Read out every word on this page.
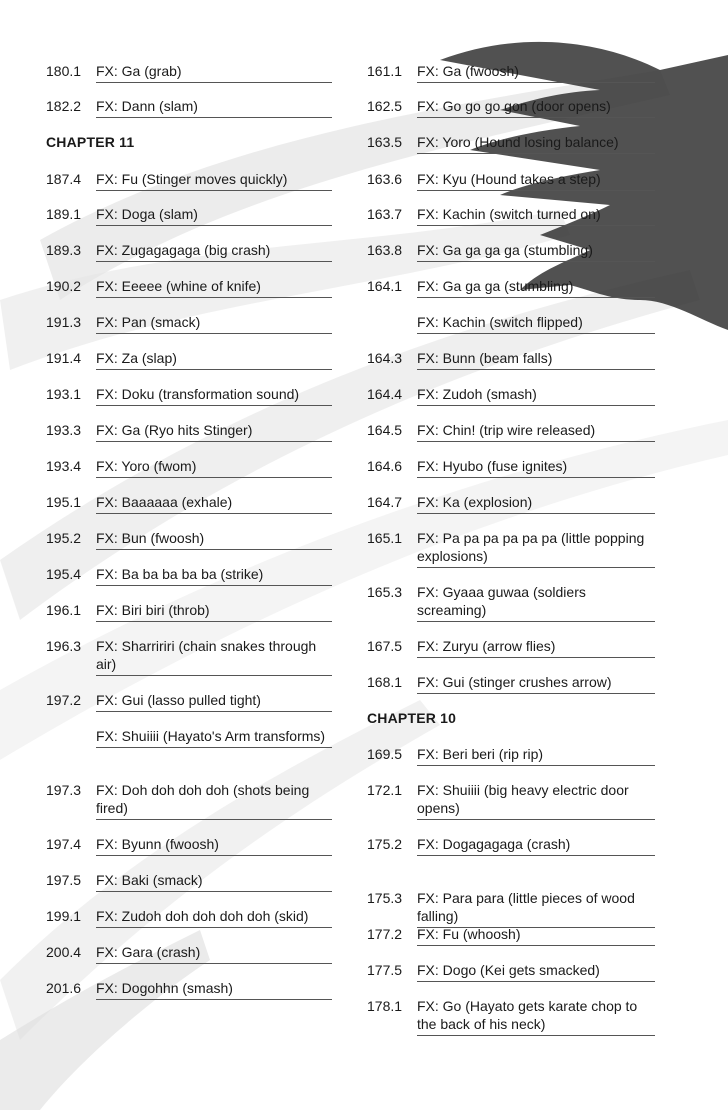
180.1	FX: Ga (grab)
182.2	FX: Dann (slam)
CHAPTER 11
187.4	FX: Fu (Stinger moves quickly)
189.1	FX: Doga (slam)
189.3	FX: Zugagagaga (big crash)
190.2	FX: Eeeee (whine of knife)
191.3	FX: Pan (smack)
191.4	FX: Za (slap)
193.1	FX: Doku (transformation sound)
193.3	FX: Ga (Ryo hits Stinger)
193.4	FX: Yoro (fwom)
195.1	FX: Baaaaaa (exhale)
195.2	FX: Bun (fwoosh)
195.4	FX: Ba ba ba ba ba (strike)
196.1	FX: Biri biri (throb)
196.3	FX: Sharririri (chain snakes through air)
197.2	FX: Gui (lasso pulled tight)
FX: Shuiiii (Hayato's Arm transforms)
197.3	FX: Doh doh doh doh (shots being fired)
197.4	FX: Byunn (fwoosh)
197.5	FX: Baki (smack)
199.1	FX: Zudoh doh doh doh doh (skid)
200.4	FX: Gara (crash)
201.6	FX: Dogohhn (smash)
161.1	FX: Ga (fwoosh)
162.5	FX: Go go go gon (door opens)
163.5	FX: Yoro (Hound losing balance)
163.6	FX: Kyu (Hound takes a step)
163.7	FX: Kachin (switch turned on)
163.8	FX: Ga ga ga ga (stumbling)
164.1	FX: Ga ga ga (stumbling)
FX: Kachin (switch flipped)
164.3	FX: Bunn (beam falls)
164.4	FX: Zudoh (smash)
164.5	FX: Chin! (trip wire released)
164.6	FX: Hyubo (fuse ignites)
164.7	FX: Ka (explosion)
165.1	FX: Pa pa pa pa pa pa (little popping explosions)
165.3	FX: Gyaaa guwaa (soldiers screaming)
167.5	FX: Zuryu (arrow flies)
168.1	FX: Gui (stinger crushes arrow)
CHAPTER 10
169.5	FX: Beri beri (rip rip)
172.1	FX: Shuiiii (big heavy electric door opens)
175.2	FX: Dogagagaga (crash)
175.3	FX: Para para (little pieces of wood falling)
177.2	FX: Fu (whoosh)
177.5	FX: Dogo (Kei gets smacked)
178.1	FX: Go (Hayato gets karate chop to the back of his neck)
